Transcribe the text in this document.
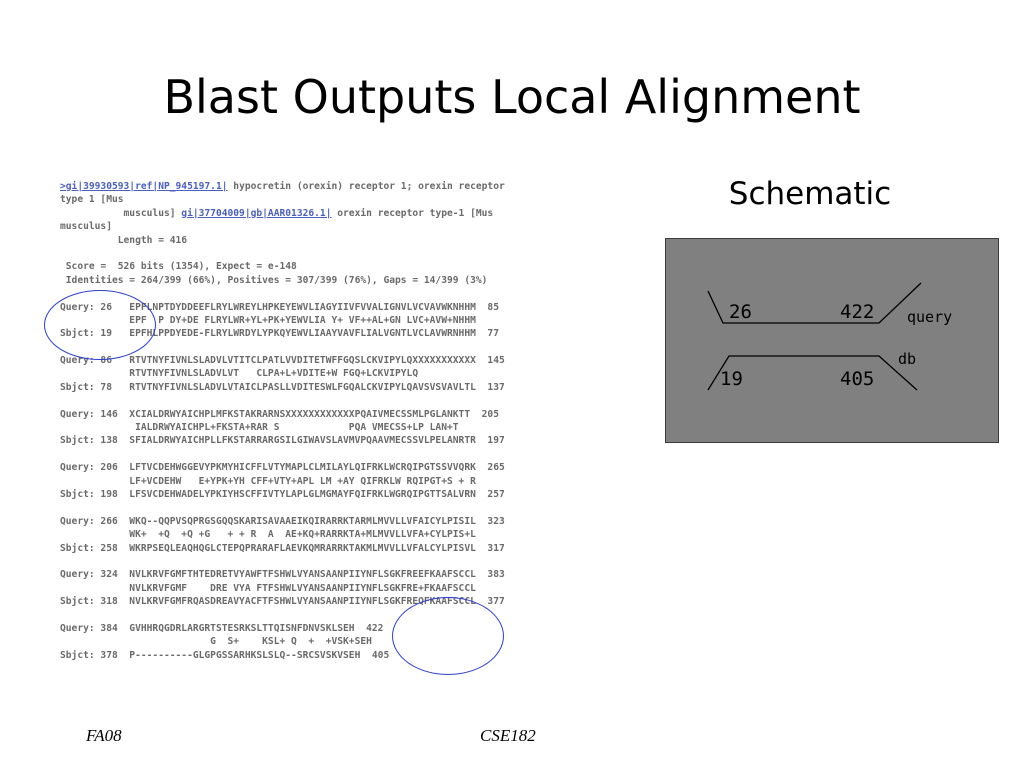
Blast Outputs Local Alignment
>gi|39930593|ref|NP_945197.1| hypocretin (orexin) receptor 1; orexin receptor
type 1 [Mus
musculus] gi|37704009|gb|AAR01326.1| orexin receptor type-1 [Mus
musculus]
Length = 416
Score =  526 bits (1354), Expect = e-148
Identities = 264/399 (66%), Positives = 307/399 (76%), Gaps = 14/399 (3%)
Query: 26   EPFLNPTDYDDEEFLRYLWREYLHPKEYEWVLIAGYIIVFVVALIGNVLVCVAVWKNHHM  85
EPF  P DY+DE FLRYLWR+YL+PK+YEWVLIA Y+ VF++AL+GN LVC+AVW+NHHM
Sbjct: 19   EPFHLPPDYEDE-FLRYLWRDYLYPKQYEWVLIAAYVAVFLIALVGNTLVCLAVWRNHHM  77
Query: 86   RTVTNYFIVNLSLADVLVTITCLPATLVVDITETWFFGQSLCKVIPYLQXXXXXXXXXXX  145
RTVTNYFIVNLSLADVLVT   CLPA+L+VDITE+W FGQ+LCKVIPYLQ
Sbjct: 78   RTVTNYFIVNLSLADVLVTAICLPASLLVDITESWLFGQALCKVIPYLQAVSVSVAVLTL  137
Query: 146  XCIALDRWYAICHPLMFKSTAKRARNSXXXXXXXXXXXXPQAIVMECSSMLPGLANKTT  205
IALDRWYAICHPL+FKSTA+RAR S            PQA VMECSS+LP LAN+T
Sbjct: 138  SFIALDRWYAICHPLLFKSTARRARGSILGIWAVSLAVMVPQAAVMECSSVLPELANRTR  197
Query: 206  LFTVCDEHWGGEVYPKMYHICFFLVTYMAPLCLMILAYLQIFRKLWCRQIPGTSSVVQRK  265
LF+VCDEHW   E+YPK+YH CFF+VTY+APL LM +AY QIFRKLW RQIPGT+S + R
Sbjct: 198  LFSVCDEHWADELYPKIYHSCFFIVTYLAPLGLMGMAYFQIFRKLWGRQIPGTTSALVRN  257
Query: 266  WKQ--QQPVSQPRGSGQQSKARISAVAAEIKQIRARRKTARMLMVVLLVFAICYLPISIL  323
WK+  +Q  +Q +G   + + R  A  AE+KQ+RARRKTA+MLMVVLLVFA+CYLPIS+L
Sbjct: 258  WKRPSEQLEAQHQGLCTEPQPRARAFLAEVKQMRARRKTAKMLMVVLLVFALCYLPISVL  317
Query: 324  NVLKRVFGMFTHTEDRETVYAWFTFSHWLVYANSAANPIIYNFLSGKFREEFKAAFSCCL  383
NVLKRVFGMF    DRE VYA FTFSHWLVYANSAANPIIYNFLSGKFRE+FKAAFSCCL
Sbjct: 318  NVLKRVFGMFRQASDREAVYACFTFSHWLVYANSAANPIIYNFLSGKFREQFKAAFSCCL  377
Query: 384  GVHHRQGDRLARGRTSTESRKSLTTQISNFDNVSKLSEH  422
G  S+    KSL+ Q  +  +VSK+SEH
Sbjct: 378  P----------GLGPGSSARHKSLSLQ--SRCSVSKVSEH  405
Schematic
26	422 query
db
19	405
FA08	CSE182
